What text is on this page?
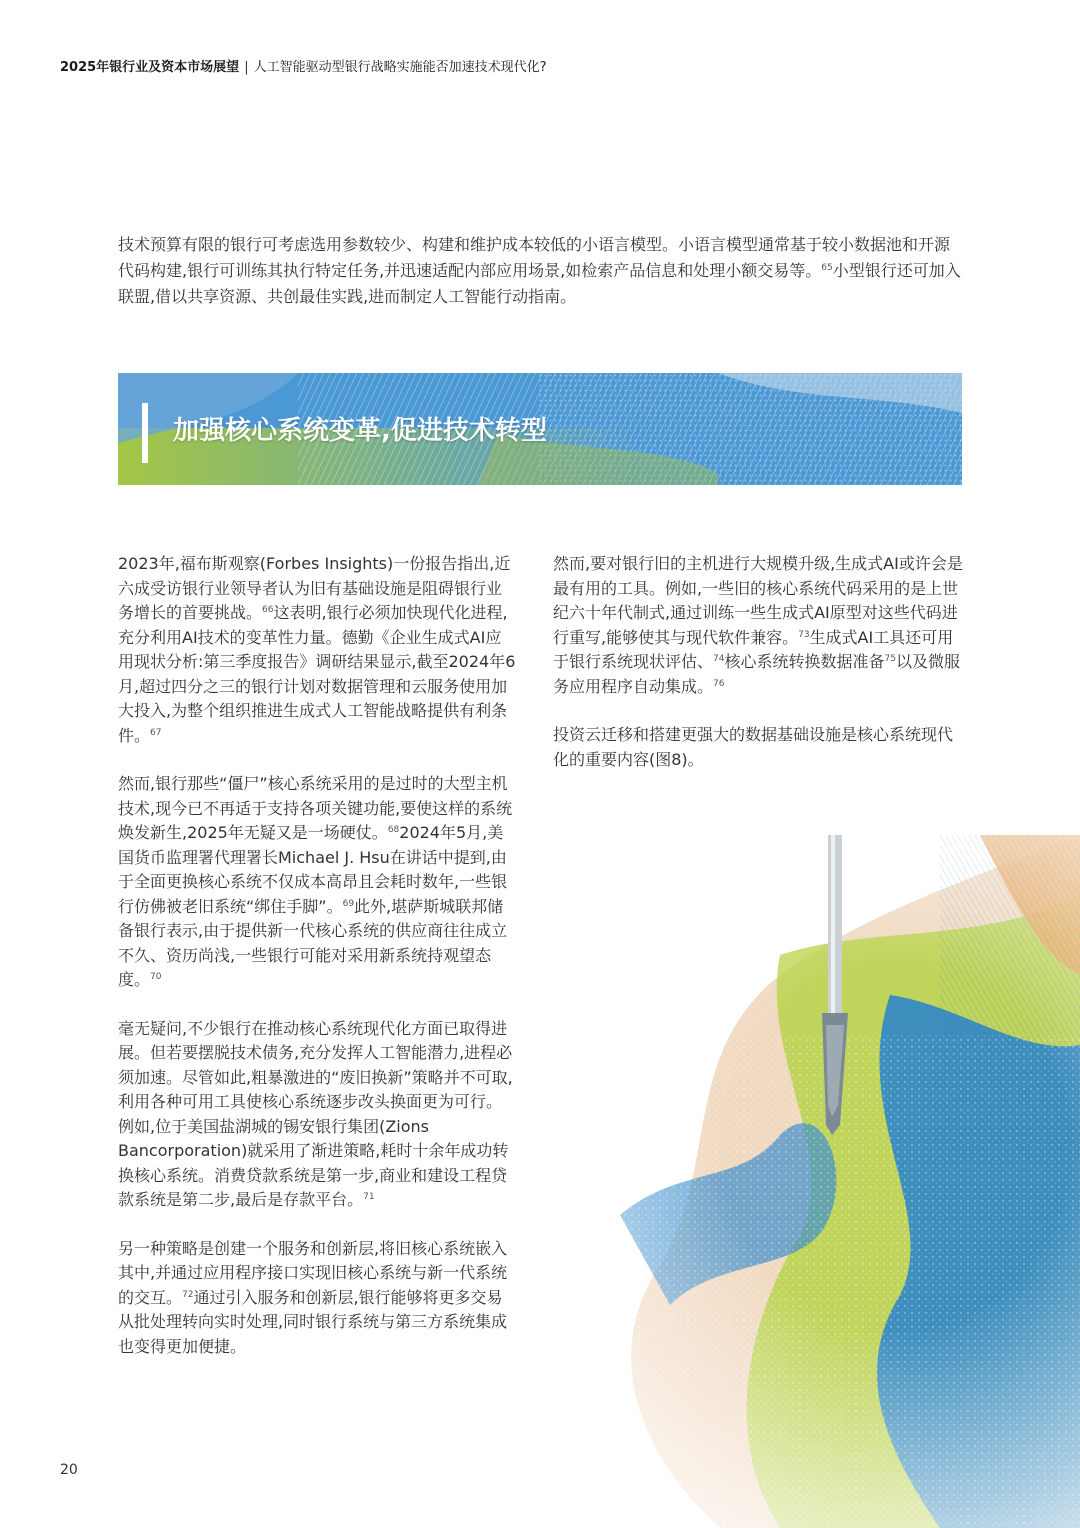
2025年银行业及资本市场展望 | 人工智能驱动型银行战略实施能否加速技术现代化?

技术预算有限的银行可考虑选用参数较少、构建和维护成本较低的小语言模型。小语言模型通常基于较小数据池和开源代码构建,银行可训练其执行特定任务,并迅速适配内部应用场景,如检索产品信息和处理小额交易等。$^{65}$小型银行还可加入联盟,借以共享资源、共创最佳实践,进而制定人工智能行动指南。

加强核心系统变革,促进技术转型

2023年,福布斯观察(Forbes Insights)一份报告指出,近六成受访银行业领导者认为旧有基础设施是阻碍银行业务增长的首要挑战。$^{66}$这表明,银行必须加快现代化进程,充分利用AI技术的变革性力量。德勤《企业生成式AI应用现状分析:第三季度报告》调研结果显示,截至2024年6月,超过四分之三的银行计划对数据管理和云服务使用加大投入,为整个组织推进生成式人工智能战略提供有利条件。$^{67}$

然而,银行那些“僵尸”核心系统采用的是过时的大型主机技术,现今已不再适于支持各项关键功能,要使这样的系统焕发新生,2025年无疑又是一场硬仗。$^{68}$2024年5月,美国货币监理署代理署长Michael J. Hsu在讲话中提到,由于全面更换核心系统不仅成本高昂且会耗时数年,一些银行仿佛被老旧系统“绑住手脚”。$^{69}$此外,堪萨斯城联邦储备银行表示,由于提供新一代核心系统的供应商往往成立不久、资历尚浅,一些银行可能对采用新系统持观望态度。$^{70}$

毫无疑问,不少银行在推动核心系统现代化方面已取得进展。但若要摆脱技术债务,充分发挥人工智能潜力,进程必须加速。尽管如此,粗暴激进的“废旧换新”策略并不可取,利用各种可用工具使核心系统逐步改头换面更为可行。例如,位于美国盐湖城的锡安银行集团(Zions Bancorporation)就采用了渐进策略,耗时十余年成功转换核心系统。消费贷款系统是第一步,商业和建设工程贷款系统是第二步,最后是存款平台。$^{71}$

另一种策略是创建一个服务和创新层,将旧核心系统嵌入其中,并通过应用程序接口实现旧核心系统与新一代系统的交互。$^{72}$通过引入服务和创新层,银行能够将更多交易从批处理转向实时处理,同时银行系统与第三方系统集成也变得更加便捷。

然而,要对银行旧的主机进行大规模升级,生成式AI或许会是最有用的工具。例如,一些旧的核心系统代码采用的是上世纪六十年代制式,通过训练一些生成式AI原型对这些代码进行重写,能够使其与现代软件兼容。$^{73}$生成式AI工具还可用于银行系统现状评估、$^{74}$核心系统转换数据准备$^{75}$以及微服务应用程序自动集成。$^{76}$

投资云迁移和搭建更强大的数据基础设施是核心系统现代化的重要内容(图8)。

20
